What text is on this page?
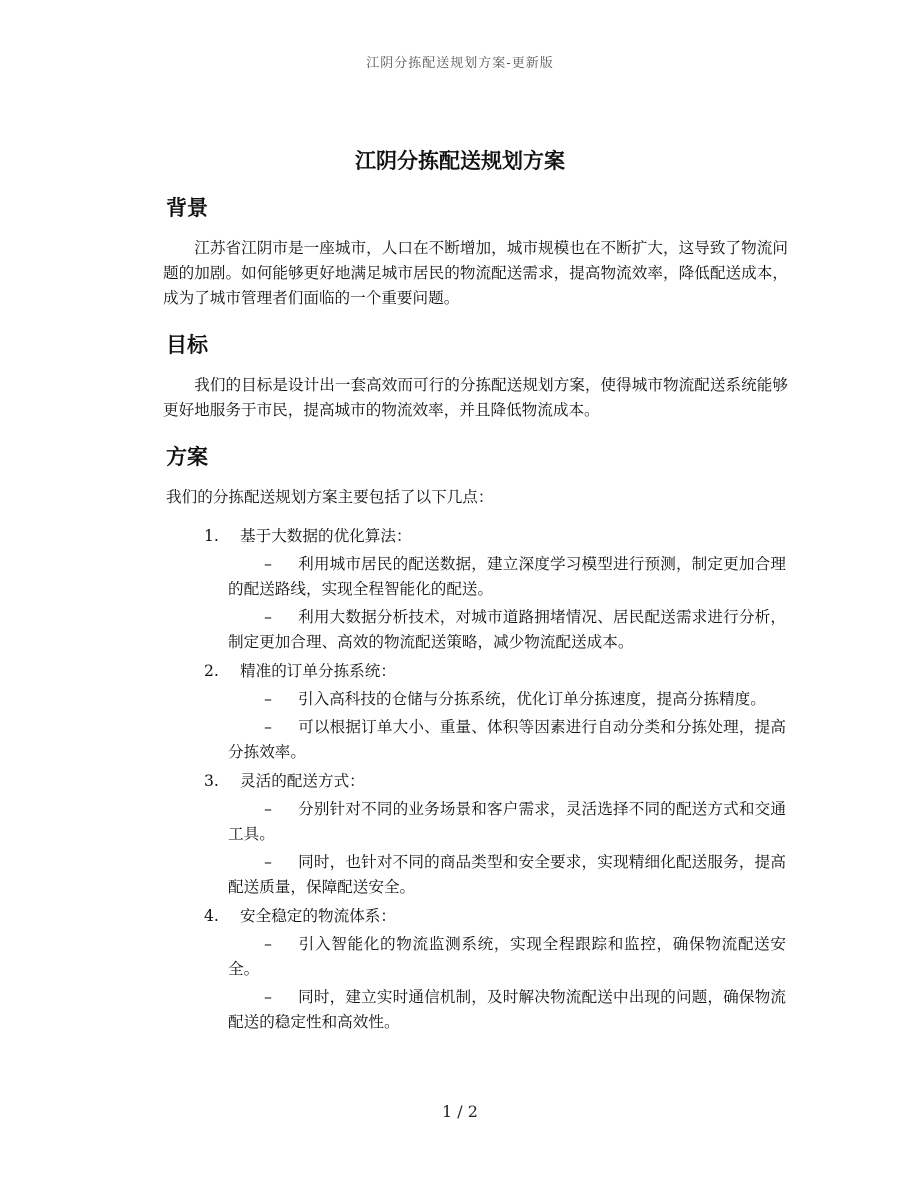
江阴分拣配送规划方案-更新版
江阴分拣配送规划方案
背景

江苏省江阴市是一座城市，人口在不断增加，城市规模也在不断扩大，这导致了物流问题的加剧。如何能够更好地满足城市居民的物流配送需求，提高物流效率，降低配送成本，成为了城市管理者们面临的一个重要问题。

目标

我们的目标是设计出一套高效而可行的分拣配送规划方案，使得城市物流配送系统能够更好地服务于市民，提高城市的物流效率，并且降低物流成本。

方案

我们的分拣配送规划方案主要包括了以下几点：

1.	基于大数据的优化算法：
– 利用城市居民的配送数据，建立深度学习模型进行预测，制定更加合理的配送路线，实现全程智能化的配送。
– 利用大数据分析技术，对城市道路拥堵情况、居民配送需求进行分析，制定更加合理、高效的物流配送策略，减少物流配送成本。
2.	精准的订单分拣系统：
– 引入高科技的仓储与分拣系统，优化订单分拣速度，提高分拣精度。
– 可以根据订单大小、重量、体积等因素进行自动分类和分拣处理，提高分拣效率。
3.	灵活的配送方式：
– 分别针对不同的业务场景和客户需求，灵活选择不同的配送方式和交通工具。
– 同时，也针对不同的商品类型和安全要求，实现精细化配送服务，提高配送质量，保障配送安全。
4.	安全稳定的物流体系：
– 引入智能化的物流监测系统，实现全程跟踪和监控，确保物流配送安全。
– 同时，建立实时通信机制，及时解决物流配送中出现的问题，确保物流配送的稳定性和高效性。
1 / 2
